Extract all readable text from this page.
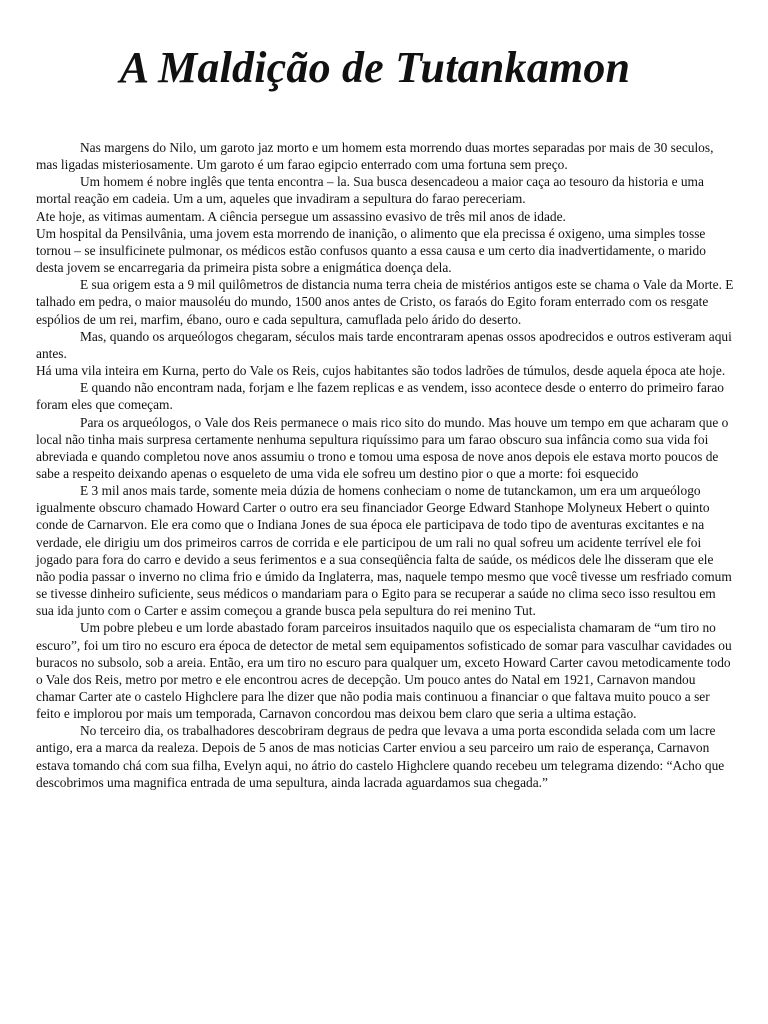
A Maldição de Tutankamon

Nas margens do Nilo, um garoto jaz morto e um homem esta morrendo duas mortes separadas por mais de 30 seculos, mas ligadas misteriosamente. Um garoto é um farao egipcio enterrado com uma fortuna sem preço.

Um homem é nobre inglês que tenta encontra – la. Sua busca desencadeou a maior caça ao tesouro da historia e uma mortal reação em cadeia. Um a um, aqueles que invadiram a sepultura do farao pereceriam.

Ate hoje, as vitimas aumentam. A ciência persegue um assassino evasivo de três mil anos de idade.

Um hospital da Pensilvânia, uma jovem esta morrendo de inanição, o alimento que ela precissa é oxigeno, uma simples tosse tornou – se insulficinete pulmonar, os médicos estão confusos quanto a essa causa e um certo dia inadvertidamente, o marido desta jovem se encarregaria da primeira pista sobre a enigmática doença dela.

E sua origem esta a 9 mil quilômetros de distancia numa terra cheia de mistérios antigos este se chama o Vale da Morte. E talhado em pedra, o maior mausoléu do mundo, 1500 anos antes de Cristo, os faraós do Egito foram enterrado com os resgate espólios de um rei, marfim, ébano, ouro e cada sepultura, camuflada pelo árido do deserto.

Mas, quando os arqueólogos chegaram, séculos mais tarde encontraram apenas ossos apodrecidos e outros estiveram aqui antes.

Há uma vila inteira em Kurna, perto do Vale os Reis, cujos habitantes são todos ladrões de túmulos, desde aquela época ate hoje.

E quando não encontram nada, forjam e lhe fazem replicas e as vendem, isso acontece desde o enterro do primeiro farao foram eles que começam.

Para os arqueólogos, o Vale dos Reis permanece o mais rico sito do mundo. Mas houve um tempo em que acharam que o local não tinha mais surpresa certamente nenhuma sepultura riquíssimo para um farao obscuro sua infância como sua vida foi abreviada e quando completou nove anos assumiu o trono e tomou uma esposa de nove anos depois ele estava morto poucos de sabe a respeito deixando apenas o esqueleto de uma vida ele sofreu um destino pior o que a morte: foi esquecido

E 3 mil anos mais tarde, somente meia dúzia de homens conheciam o nome de tutanckamon, um era um arqueólogo igualmente obscuro chamado Howard Carter o outro era seu financiador George Edward Stanhope Molyneux Hebert o quinto conde de Carnarvon. Ele era como que o Indiana Jones de sua época ele participava de todo tipo de aventuras excitantes e na verdade, ele dirigiu um dos primeiros carros de corrida e ele participou de um rali no qual sofreu um acidente terrível ele foi jogado para fora do carro e devido a seus ferimentos e a sua conseqüência falta de saúde, os médicos dele lhe disseram que ele não podia passar o inverno no clima frio e úmido da Inglaterra, mas, naquele tempo mesmo que você tivesse um resfriado comum se tivesse dinheiro suficiente, seus médicos o mandariam para o Egito para se recuperar a saúde no clima seco isso resultou em sua ida junto com o Carter e assim começou a grande busca pela sepultura do rei menino Tut.

Um pobre plebeu e um lorde abastado foram parceiros insuitados naquilo que os especialista chamaram de “um tiro no escuro”, foi um tiro no escuro era época de detector de metal sem equipamentos sofisticado de somar para vasculhar cavidades ou buracos no subsolo, sob a areia. Então, era um tiro no escuro para qualquer um, exceto Howard Carter cavou metodicamente todo o Vale dos Reis, metro por metro e ele encontrou acres de decepção. Um pouco antes do Natal em 1921, Carnavon mandou chamar Carter ate o castelo Highclere para lhe dizer que não podia mais continuou a financiar o que faltava muito pouco a ser feito e implorou por mais um temporada, Carnavon concordou mas deixou bem claro que seria a ultima estação.

No terceiro dia, os trabalhadores descobriram degraus de pedra que levava a uma porta escondida selada com um lacre antigo, era a marca da realeza. Depois de 5 anos de mas noticias Carter enviou a seu parceiro um raio de esperança, Carnavon estava tomando chá com sua filha, Evelyn aqui, no átrio do castelo Highclere quando recebeu um telegrama dizendo: “Acho que descobrimos uma magnifica entrada de uma sepultura, ainda lacrada aguardamos sua chegada.”
